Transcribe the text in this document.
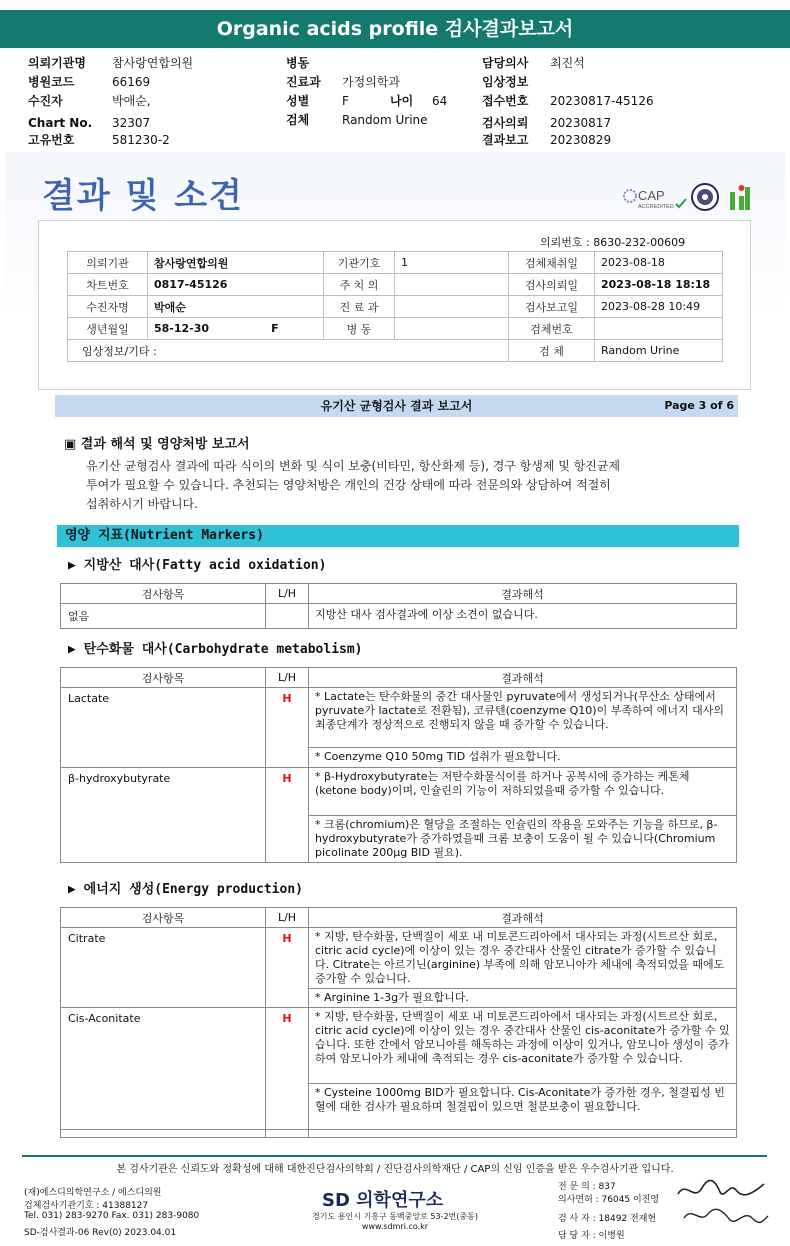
Organic acids profile 검사결과보고서
의뢰기관명 참사랑연합의원	병동	담당의사 최진석
병원코드	66169	진료과 가정의학과	임상정보
수진자	박애순,	성별	F	나이 64	접수번호 20230817-45126
Chart No. 32307	검체	Random Urine	검사의뢰 20230817
고유번호	581230-2	결과보고 20230829
결과 및 소견	CAP
ACCREDITED
LI
의뢰번호 : 8630-232-00609
의뢰기관	참사랑연합의원	기관기호	1	검체채취일	2023-08-18
차트번호	0817-45126	주 치 의		검사의뢰일	2023-08-18 18:18
수진자명	박애순	진 료 과		검사보고일	2023-08-28 10:49
생년월일	58-12-30 F	병 동		검체번호	
임상정보/기타 :				검 체	Random Urine
유기산 균형검사 결과 보고서	Page 3 of 6
▣ 결과 해석 및 영양처방 보고서
유기산 균형검사 결과에 따라 식이의 변화 및 식이 보충(비타민, 항산화제 등), 경구 항생제 및 항진균제
투여가 필요할 수 있습니다. 추천되는 영양처방은 개인의 건강 상태에 따라 전문의와 상담하여 적절히
섭취하시기 바랍니다.
영양 지표(Nutrient Markers)
▶ 지방산 대사(Fatty acid oxidation)
검사항목	L/H	결과해석
없음		지방산 대사 검사결과에 이상 소견이 없습니다.
▶ 탄수화물 대사(Carbohydrate metabolism)
검사항목	L/H	결과해석
Lactate	H	* Lactate는 탄수화물의 중간 대사물인 pyruvate에서 생성되거나(무산소 상태에서 pyruvate가 lactate로 전환됨), 코큐텐(coenzyme Q10)이 부족하여 에너지 대사의 최종단계가 정상적으로 진행되지 않을 때 증가할 수 있습니다.
		* Coenzyme Q10 50mg TID 섭취가 필요합니다.
β-hydroxybutyrate	H	* β-Hydroxybutyrate는 저탄수화물식이를 하거나 공복시에 증가하는 케톤체(ketone body)이며, 인슐린의 기능이 저하되었을때 증가할 수 있습니다.
		* 크롬(chromium)은 혈당을 조절하는 인슐린의 작용을 도와주는 기능을 하므로, β-hydroxybutyrate가 증가하였을때 크롬 보충이 도움이 될 수 있습니다(Chromium picolinate 200μg BID 필요).
▶ 에너지 생성(Energy production)
검사항목	L/H	결과해석
Citrate	H	* 지방, 탄수화물, 단백질이 세포 내 미토콘드리아에서 대사되는 과정(시트르산 회로, citric acid cycle)에 이상이 있는 경우 중간대사 산물인 citrate가 증가할 수 있습니다. Citrate는 아르기닌(arginine) 부족에 의해 암모니아가 체내에 축적되었을 때에도 증가할 수 있습니다.
		* Arginine 1-3g가 필요합니다.
Cis-Aconitate	H	* 지방, 탄수화물, 단백질이 세포 내 미토콘드리아에서 대사되는 과정(시트르산 회로, citric acid cycle)에 이상이 있는 경우 중간대사 산물인 cis-aconitate가 증가할 수 있습니다. 또한 간에서 암모니아를 해독하는 과정에 이상이 있거나, 암모니아 생성이 증가하여 암모니아가 체내에 축적되는 경우 cis-aconitate가 증가할 수 있습니다.
		* Cysteine 1000mg BID가 필요합니다. Cis-Aconitate가 증가한 경우, 철결핍성 빈혈에 대한 검사가 필요하며 철결핍이 있으면 철분보충이 필요합니다.

본 검사기관은 신뢰도와 정확성에 대해 대한진단검사의학회 / 진단검사의학재단 / CAP의 신임 인증을 받은 우수검사기관 입니다.
(재)에스디의학연구소 / 에스디의원
검체검사기관기호 : 41388127
Tel. 031) 283-9270 Fax. 031) 283-9080
SD-검사결과-06 Rev(0) 2023.04.01
SD 의학연구소
경기도 용인시 기흥구 동백중앙로 53-2번(중동)
www.sdmri.co.kr
전 문 의 : 837
의사면허 : 76045 이진영
검 사 자 : 18492 전재현
담 당 자 : 이병원
